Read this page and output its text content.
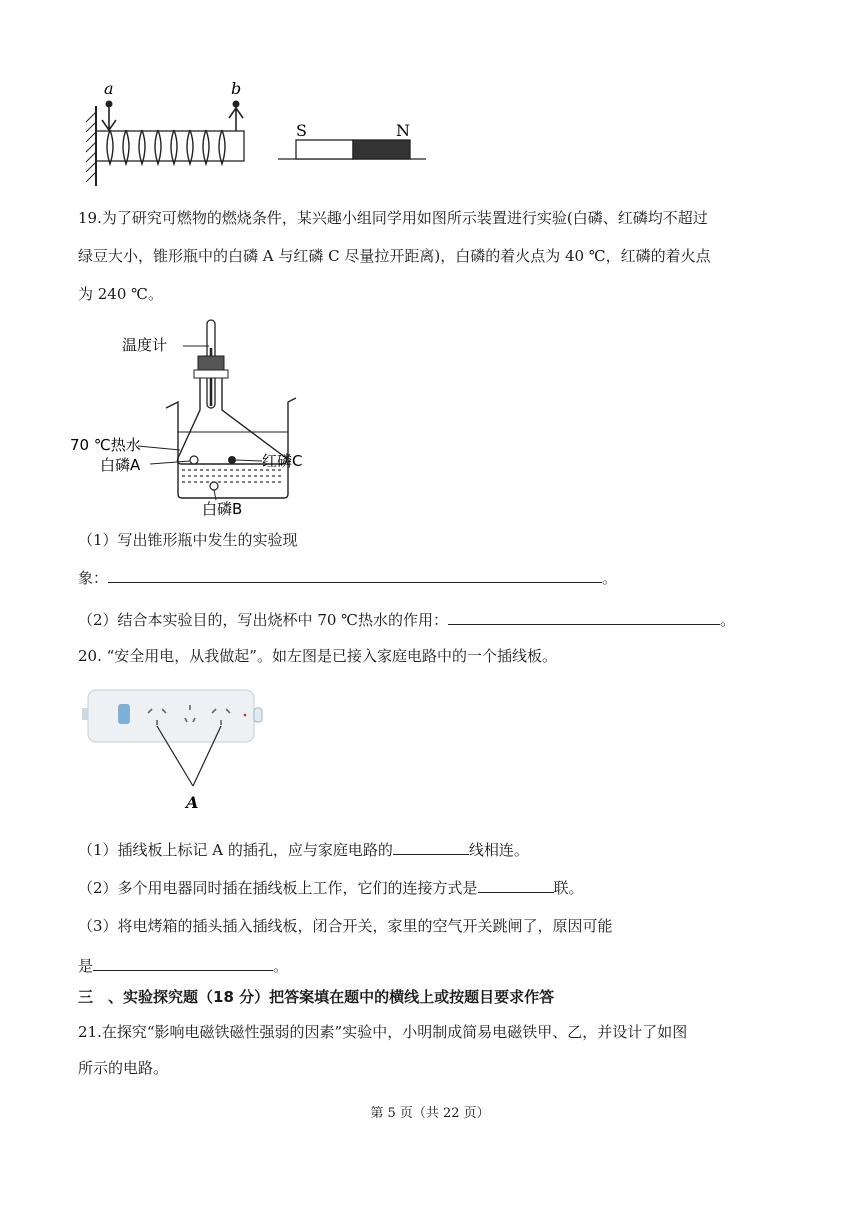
a	b
S	N
19.为了研究可燃物的燃烧条件，某兴趣小组同学用如图所示装置进行实验(白磷、红磷均不超过
绿豆大小，锥形瓶中的白磷 A 与红磷 C 尽量拉开距离)，白磷的着火点为 40 ℃，红磷的着火点
为 240 ℃。
温度计
70 ℃热水
白磷A	红磷C
白磷B
（1）写出锥形瓶中发生的实验现
象：	。
（2）结合本实验目的，写出烧杯中 70 ℃热水的作用：	。
20. “安全用电，从我做起”。如左图是已接入家庭电路中的一个插线板。
A
（1）插线板上标记 A 的插孔，应与家庭电路的	线相连。
（2）多个用电器同时插在插线板上工作，它们的连接方式是	联。
（3）将电烤箱的插头插入插线板，闭合开关，家里的空气开关跳闸了，原因可能
是	。
三　、实验探究题（18 分）把答案填在题中的横线上或按题目要求作答
21.在探究“影响电磁铁磁性强弱的因素”实验中，小明制成简易电磁铁甲、乙，并设计了如图
所示的电路。
第 5 页（共 22 页）
